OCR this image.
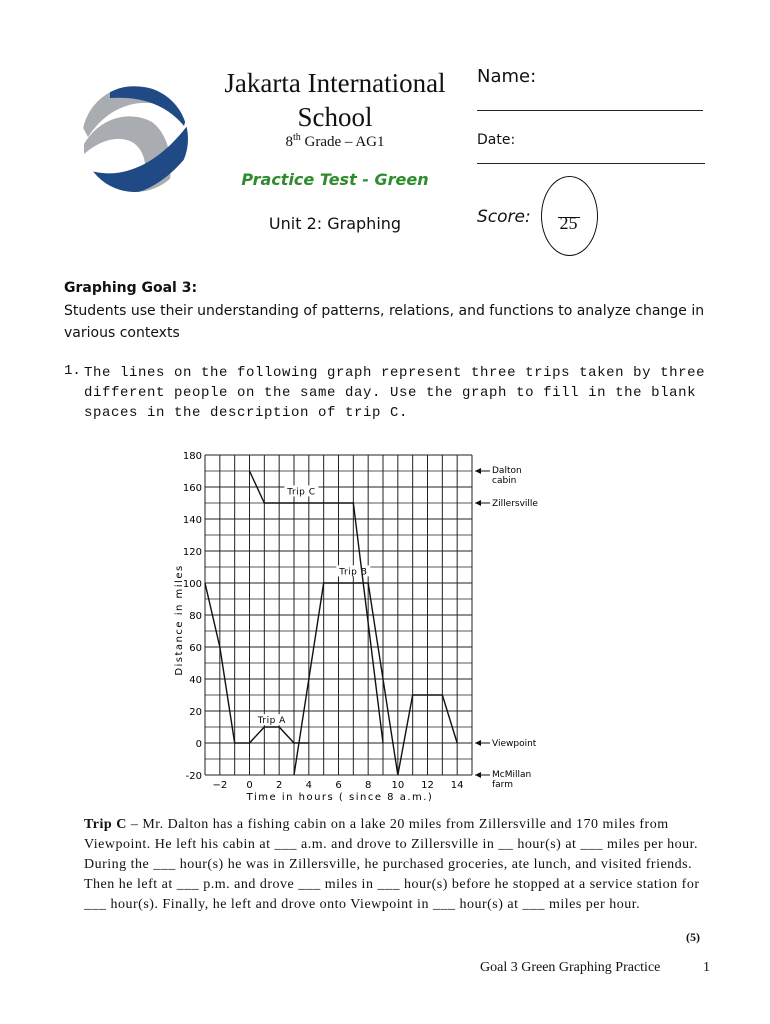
Jakarta International
School
8th Grade – AG1
Practice Test - Green
Unit 2: Graphing
Name:
Date:
Score:	25
Graphing Goal 3:
Students use their understanding of patterns, relations, and functions to analyze change in various contexts
1. The lines on the following graph represent three trips taken by three different people on the same day. Use the graph to fill in the blank spaces in the description of trip C.
−2 0 2 4 6 8 10 12 14
180
160
140
120
100
80
60
40
20
0
-20
Trip A
Trip B
Trip C
Dalton
cabin
Zillersville
Viewpoint
McMillan
farm
Time in hours ( since 8 a.m.)
Distance in miles
Trip C – Mr. Dalton has a fishing cabin on a lake 20 miles from Zillersville and 170 miles from Viewpoint. He left his cabin at ___ a.m. and drove to Zillersville in __ hour(s) at ___ miles per hour. During the ___ hour(s) he was in Zillersville, he purchased groceries, ate lunch, and visited friends. Then he left at ___ p.m. and drove ___ miles in ___ hour(s) before he stopped at a service station for ___ hour(s). Finally, he left and drove onto Viewpoint in ___ hour(s) at ___ miles per hour.
(5)
Goal 3 Green Graphing Practice	1
